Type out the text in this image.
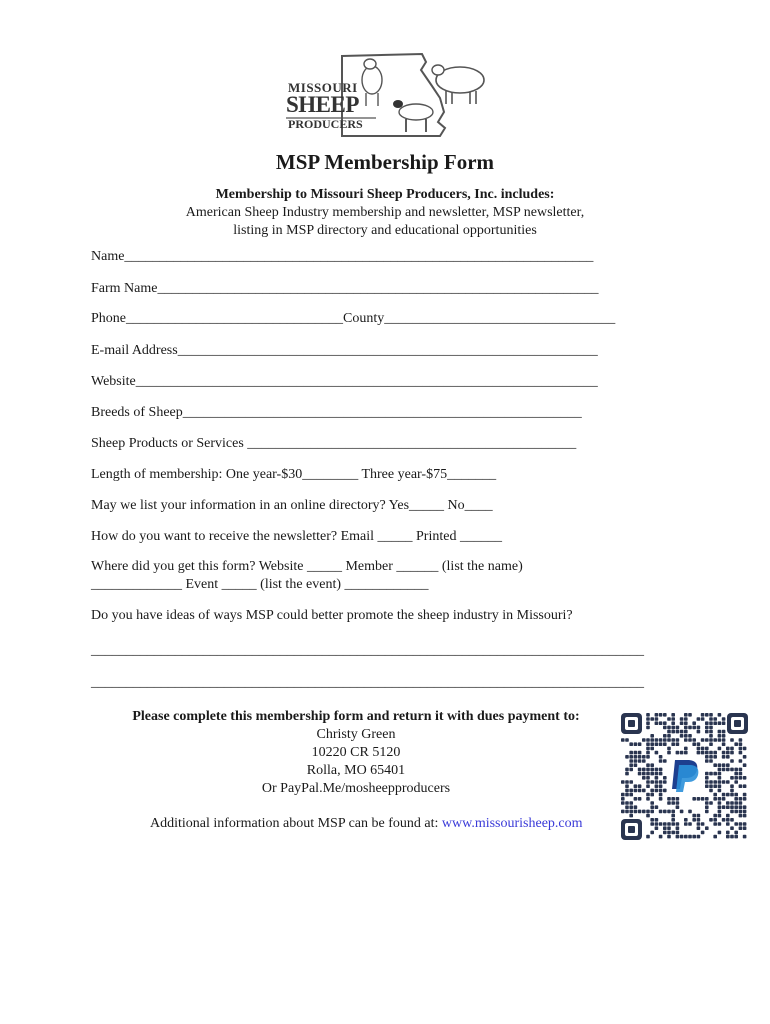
MISSOURI
SHEEP
PRODUCERS
MSP Membership Form
Membership to Missouri Sheep Producers, Inc. includes:
American Sheep Industry membership and newsletter, MSP newsletter,
listing in MSP directory and educational opportunities
Name___________________________________________________________________
Farm Name_______________________________________________________________
Phone_______________________________County_________________________________
E-mail Address____________________________________________________________
Website__________________________________________________________________
Breeds of Sheep_________________________________________________________
Sheep Products or Services _______________________________________________
Length of membership: One year-$30________ Three year-$75_______
May we list your information in an online directory? Yes_____ No____
How do you want to receive the newsletter? Email _____ Printed ______
Where did you get this form? Website _____ Member ______ (list the name)
_____________ Event _____ (list the event) ____________
Do you have ideas of ways MSP could better promote the sheep industry in Missouri?
_______________________________________________________________________________
_______________________________________________________________________________
Please complete this membership form and return it with dues payment to:
Christy Green
10220 CR 5120
Rolla, MO 65401
Or PayPal.Me/mosheepproducers
Additional information about MSP can be found at: www.missourisheep.com
